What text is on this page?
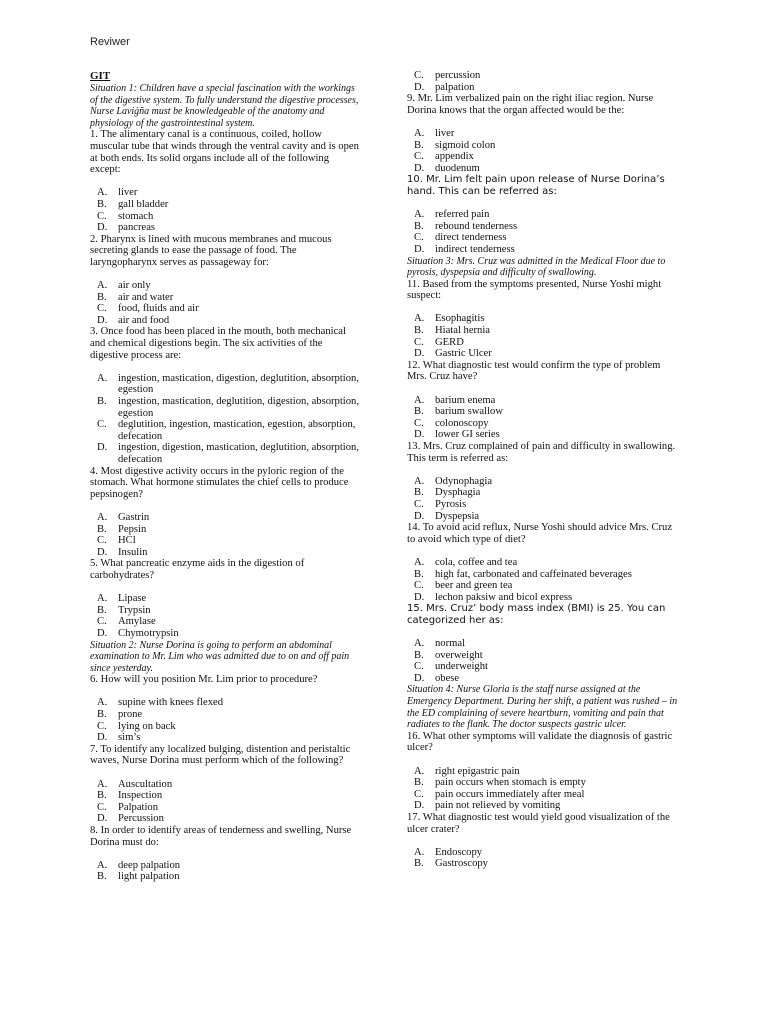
Reviwer
GIT
Situation 1: Children have a special fascination with the workings of the digestive system. To fully understand the digestive processes, Nurse Laviġña must be knowledgeable of the anatomy and physiology of the gastrointestinal system.
1. The alimentary canal is a continuous, coiled, hollow muscular tube that winds through the ventral cavity and is open at both ends. Its solid organs include all of the following except:
A.	liver
B.	gall bladder
C.	stomach
D.	pancreas
2. Pharynx is lined with mucous membranes and mucous secreting glands to ease the passage of food. The laryngopharynx serves as passageway for:
A.	air only
B.	air and water
C.	food, fluids and air
D.	air and food
3. Once food has been placed in the mouth, both mechanical and chemical digestions begin. The six activities of the digestive process are:
A.	ingestion, mastication, digestion, deglutition, absorption, egestion
B.	ingestion, mastication, deglutition, digestion, absorption, egestion
C.	deglutition, ingestion, mastication, egestion, absorption, defecation
D.	ingestion, digestion, mastication, deglutition, absorption, defecation
4. Most digestive activity occurs in the pyloric region of the stomach. What hormone stimulates the chief cells to produce pepsinogen?
A.	Gastrin
B.	Pepsin
C.	HCl
D.	Insulin
5. What pancreatic enzyme aids in the digestion of carbohydrates?
A.	Lipase
B.	Trypsin
C.	Amylase
D.	Chymotrypsin
Situation 2: Nurse Dorina is going to perform an abdominal examination to Mr. Lim who was admitted due to on and off pain since yesterday.
6. How will you position Mr. Lim prior to procedure?
A.	supine with knees flexed
B.	prone
C.	lying on back
D.	sim’s
7. To identify any localized bulging, distention and peristaltic waves, Nurse Dorina must perform which of the following?
A.	Auscultation
B.	Inspection
C.	Palpation
D.	Percussion
8. In order to identify areas of tenderness and swelling, Nurse Dorina must do:
A.	deep palpation
B.	light palpation
C.	percussion
D.	palpation
9. Mr. Lim verbalized pain on the right iliac region. Nurse Dorina knows that the organ affected would be the:
A.	liver
B.	sigmoid colon
C.	appendix
D.	duodenum
10. Mr. Lim felt pain upon release of Nurse Dorina’s hand. This can be referred as:
A.	referred pain
B.	rebound tenderness
C.	direct tenderness
D.	indirect tenderness
Situation 3: Mrs. Cruz was admitted in the Medical Floor due to pyrosis, dyspepsia and difficulty of swallowing.
11. Based from the symptoms presented, Nurse Yoshi might suspect:
A.	Esophagitis
B.	Hiatal hernia
C.	GERD
D.	Gastric Ulcer
12. What diagnostic test would confirm the type of problem Mrs. Cruz have?
A.	barium enema
B.	barium swallow
C.	colonoscopy
D.	lower GI series
13. Mrs. Cruz complained of pain and difficulty in swallowing. This term is referred as:
A.	Odynophagia
B.	Dysphagia
C.	Pyrosis
D.	Dyspepsia
14. To avoid acid reflux, Nurse Yoshi should advice Mrs. Cruz to avoid which type of diet?
A.	cola, coffee and tea
B.	high fat, carbonated and caffeinated beverages
C.	beer and green tea
D.	lechon paksiw and bicol express
15. Mrs. Cruz’ body mass index (BMI) is 25. You can categorized her as:
A.	normal
B.	overweight
C.	underweight
D.	obese
Situation 4: Nurse Gloria is the staff nurse assigned at the Emergency Department. During her shift, a patient was rushed – in the ED complaining of severe heartburn, vomiting and pain that radiates to the flank. The doctor suspects gastric ulcer.
16. What other symptoms will validate the diagnosis of gastric ulcer?
A.	right epigastric pain
B.	pain occurs when stomach is empty
C.	pain occurs immediately after meal
D.	pain not relieved by vomiting
17. What diagnostic test would yield good visualization of the ulcer crater?
A.	Endoscopy
B.	Gastroscopy
